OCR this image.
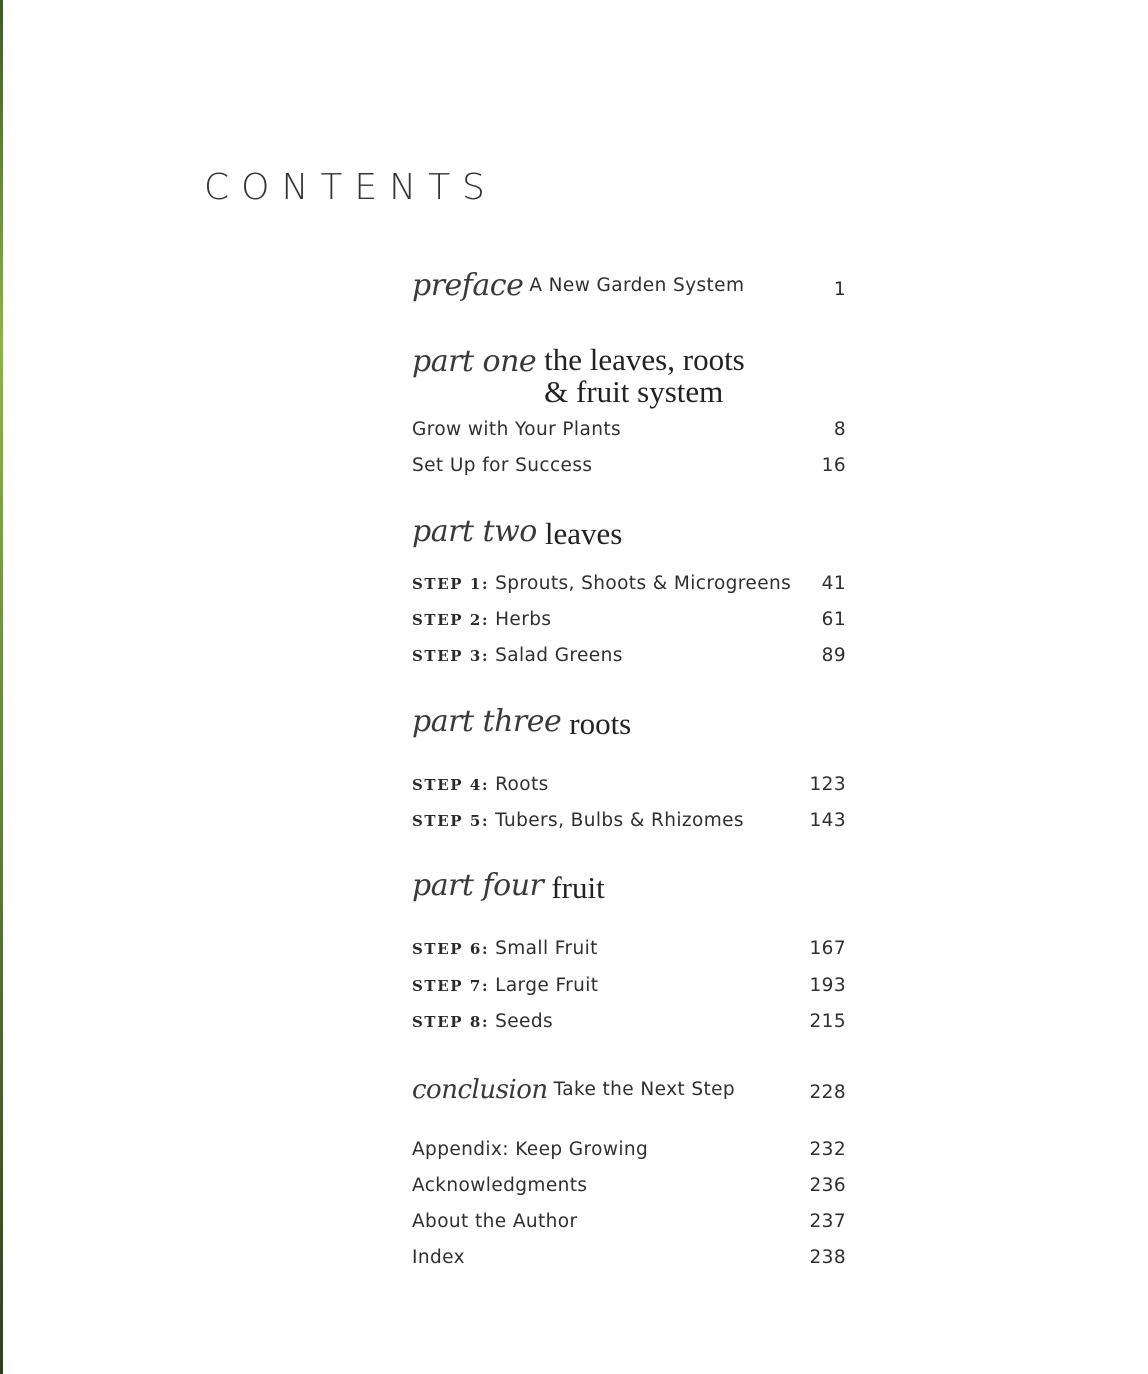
CONTENTS
preface A New Garden System	1
part one the leaves, roots
& fruit system
Grow with Your Plants	8
Set Up for Success	16
part two leaves
STEP 1: Sprouts, Shoots & Microgreens 41
STEP 2: Herbs	61
STEP 3: Salad Greens	89
part three roots
STEP 4: Roots	123
STEP 5: Tubers, Bulbs & Rhizomes	143
part four fruit
STEP 6: Small Fruit	167
STEP 7: Large Fruit	193
STEP 8: Seeds	215
conclusion Take the Next Step	228
Appendix: Keep Growing	232
Acknowledgments	236
About the Author	237
Index	238
